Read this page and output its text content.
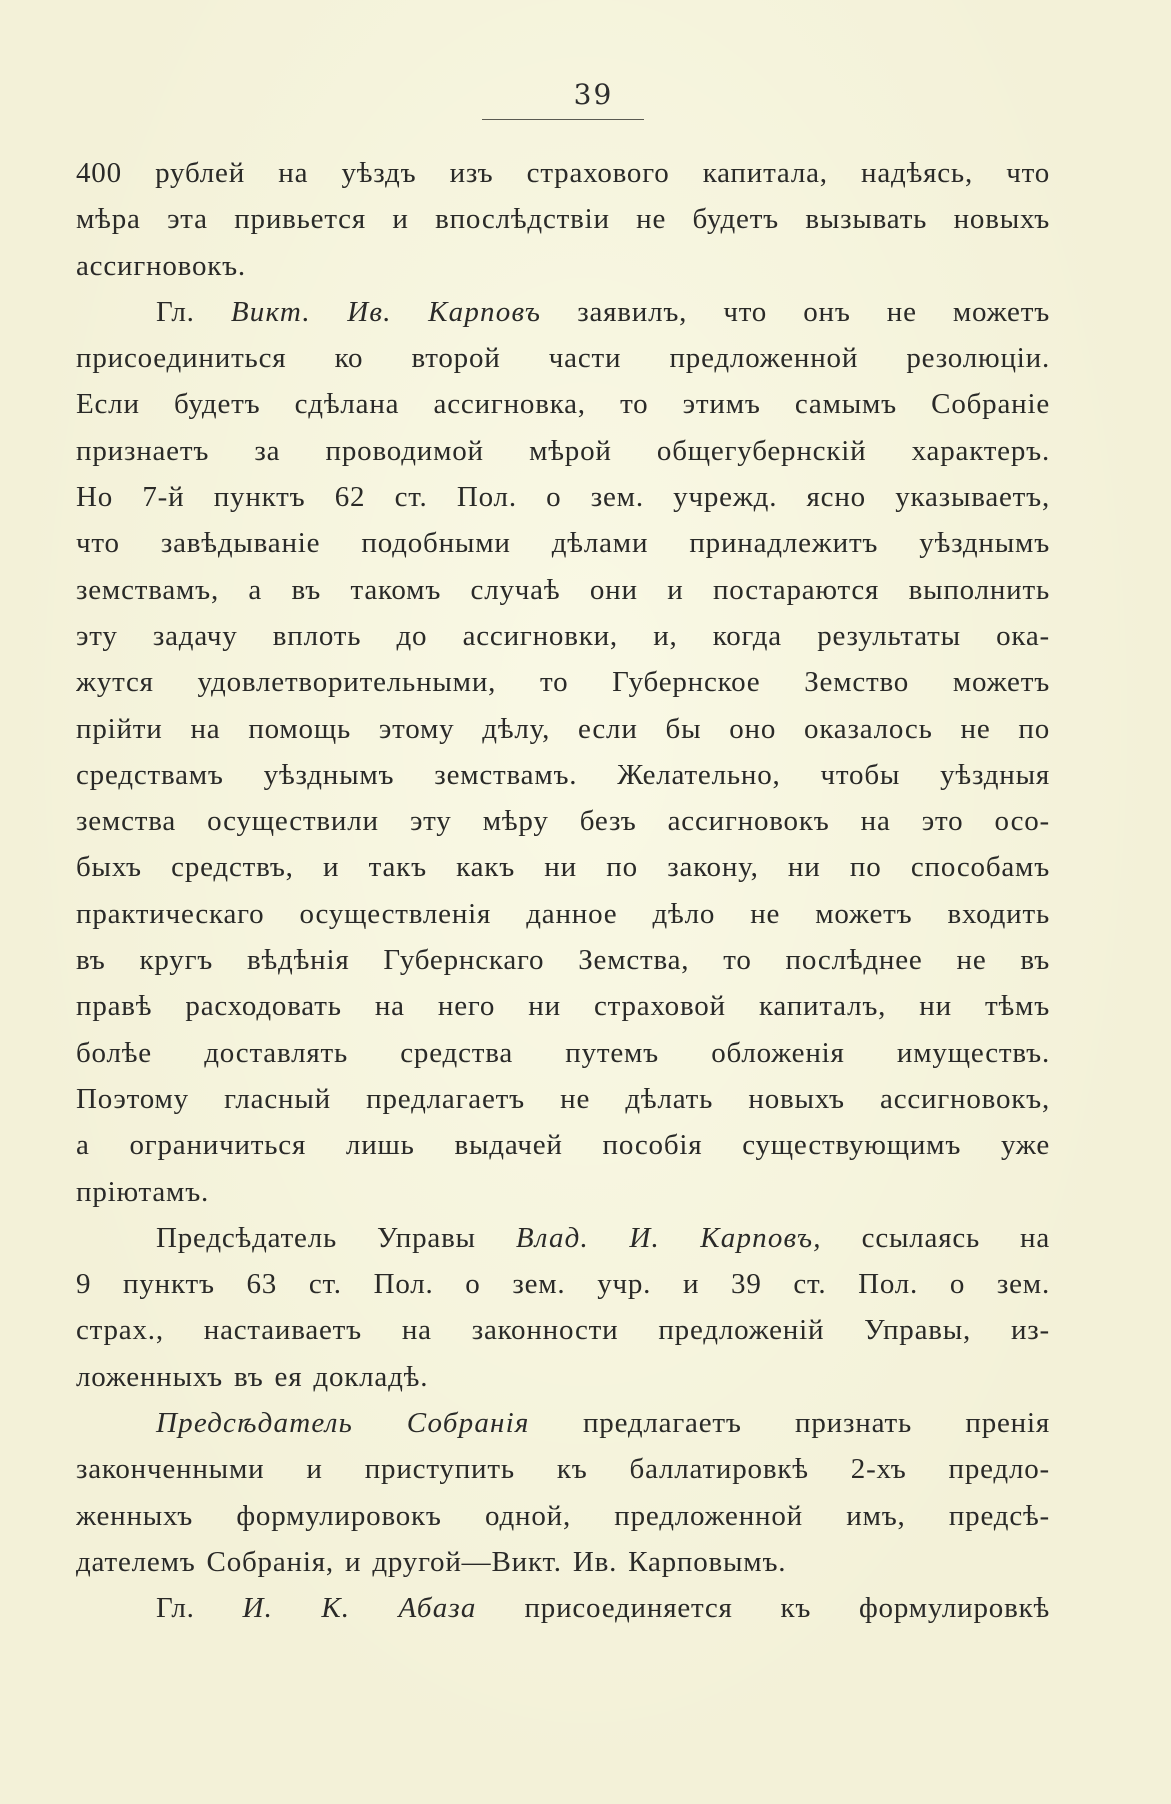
39
400 рублей на уѣздъ изъ страхового капитала, надѣясь, что
мѣра эта привьется и впослѣдствіи не будетъ вызывать новыхъ
ассигновокъ.
Гл. Викт. Ив. Карповъ заявилъ, что онъ не можетъ
присоединиться ко второй части предложенной резолюціи.
Если будетъ сдѣлана ассигновка, то этимъ самымъ Собраніе
признаетъ за проводимой мѣрой общегубернскій характеръ.
Но 7-й пунктъ 62 ст. Пол. о зем. учрежд. ясно указываетъ,
что завѣдываніе подобными дѣлами принадлежитъ уѣзднымъ
земствамъ, а въ такомъ случаѣ они и постараются выполнить
эту задачу вплоть до ассигновки, и, когда результаты ока-
жутся удовлетворительными, то Губернское Земство можетъ
прійти на помощь этому дѣлу, если бы оно оказалось не по
средствамъ уѣзднымъ земствамъ. Желательно, чтобы уѣздныя
земства осуществили эту мѣру безъ ассигновокъ на это осо-
быхъ средствъ, и такъ какъ ни по закону, ни по способамъ
практическаго осуществленія данное дѣло не можетъ входить
въ кругъ вѣдѣнія Губернскаго Земства, то послѣднее не въ
правѣ расходовать на него ни страховой капиталъ, ни тѣмъ
болѣе доставлять средства путемъ обложенія имуществъ.
Поэтому гласный предлагаетъ не дѣлать новыхъ ассигновокъ,
а ограничиться лишь выдачей пособія существующимъ уже
пріютамъ.
Предсѣдатель Управы Влад. И. Карповъ, ссылаясь на
9 пунктъ 63 ст. Пол. о зем. учр. и 39 ст. Пол. о зем.
страх., настаиваетъ на законности предложеній Управы, из-
ложенныхъ въ ея докладѣ.
Предсѣдатель Собранія предлагаетъ признать пренія
законченными и приступить къ баллатировкѣ 2-хъ предло-
женныхъ формулировокъ одной, предложенной имъ, предсѣ-
дателемъ Собранія, и другой—Викт. Ив. Карповымъ.
Гл. И. К. Абаза присоединяется къ формулировкѣ
